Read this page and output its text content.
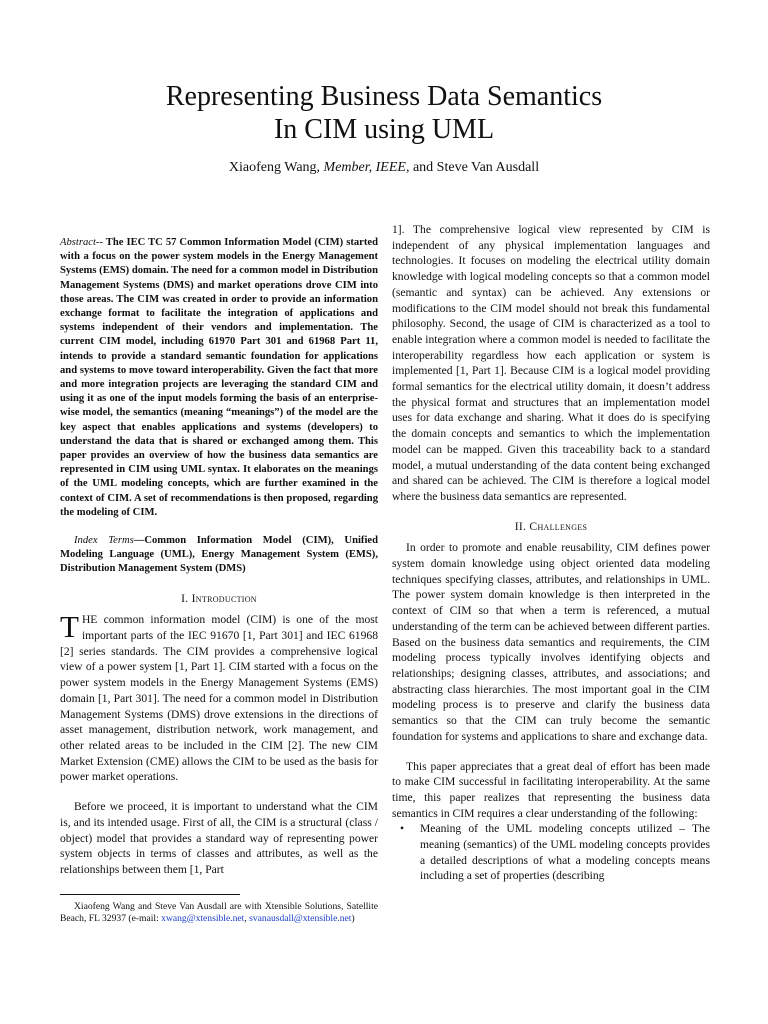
Representing Business Data Semantics
In CIM using UML
Xiaofeng Wang, Member, IEEE, and Steve Van Ausdall

Abstract-- The IEC TC 57 Common Information Model (CIM) started with a focus on the power system models in the Energy Management Systems (EMS) domain. The need for a common model in Distribution Management Systems (DMS) and market operations drove CIM into those areas. The CIM was created in order to provide an information exchange format to facilitate the integration of applications and systems independent of their vendors and implementation. The current CIM model, including 61970 Part 301 and 61968 Part 11, intends to provide a standard semantic foundation for applications and systems to move toward interoperability. Given the fact that more and more integration projects are leveraging the standard CIM and using it as one of the input models forming the basis of an enterprise-wise model, the semantics (meaning “meanings”) of the model are the key aspect that enables applications and systems (developers) to understand the data that is shared or exchanged among them. This paper provides an overview of how the business data semantics are represented in CIM using UML syntax. It elaborates on the meanings of the UML modeling concepts, which are further examined in the context of CIM. A set of recommendations is then proposed, regarding the modeling of CIM.

Index Terms—Common Information Model (CIM), Unified Modeling Language (UML), Energy Management System (EMS), Distribution Management System (DMS)

I. Introduction

THE common information model (CIM) is one of the most important parts of the IEC 91670 [1, Part 301] and IEC 61968 [2] series standards. The CIM provides a comprehensive logical view of a power system [1, Part 1]. CIM started with a focus on the power system models in the Energy Management Systems (EMS) domain [1, Part 301]. The need for a common model in Distribution Management Systems (DMS) drove extensions in the directions of asset management, distribution network, work management, and other related areas to be included in the CIM [2]. The new CIM Market Extension (CME) allows the CIM to be used as the basis for power market operations.

Before we proceed, it is important to understand what the CIM is, and its intended usage. First of all, the CIM is a structural (class / object) model that provides a standard way of representing power system objects in terms of classes and attributes, as well as the relationships between them [1, Part

Xiaofeng Wang and Steve Van Ausdall are with Xtensible Solutions, Satellite Beach, FL 32937 (e-mail: xwang@xtensible.net, svanausdall@xtensible.net)

1]. The comprehensive logical view represented by CIM is independent of any physical implementation languages and technologies. It focuses on modeling the electrical utility domain knowledge with logical modeling concepts so that a common model (semantic and syntax) can be achieved. Any extensions or modifications to the CIM model should not break this fundamental philosophy. Second, the usage of CIM is characterized as a tool to enable integration where a common model is needed to facilitate the interoperability regardless how each application or system is implemented [1, Part 1]. Because CIM is a logical model providing formal semantics for the electrical utility domain, it doesn’t address the physical format and structures that an implementation model uses for data exchange and sharing. What it does do is specifying the domain concepts and semantics to which the implementation model can be mapped. Given this traceability back to a standard model, a mutual understanding of the data content being exchanged and shared can be achieved. The CIM is therefore a logical model where the business data semantics are represented.

II. Challenges

In order to promote and enable reusability, CIM defines power system domain knowledge using object oriented data modeling techniques specifying classes, attributes, and relationships in UML. The power system domain knowledge is then interpreted in the context of CIM so that when a term is referenced, a mutual understanding of the term can be achieved between different parties. Based on the business data semantics and requirements, the CIM modeling process typically involves identifying objects and relationships; designing classes, attributes, and associations; and abstracting class hierarchies. The most important goal in the CIM modeling process is to preserve and clarify the business data semantics so that the CIM can truly become the semantic foundation for systems and applications to share and exchange data.

This paper appreciates that a great deal of effort has been made to make CIM successful in facilitating interoperability. At the same time, this paper realizes that representing the business data semantics in CIM requires a clear understanding of the following:

• Meaning of the UML modeling concepts utilized – The meaning (semantics) of the UML modeling concepts provides a detailed descriptions of what a modeling concepts means including a set of properties (describing
